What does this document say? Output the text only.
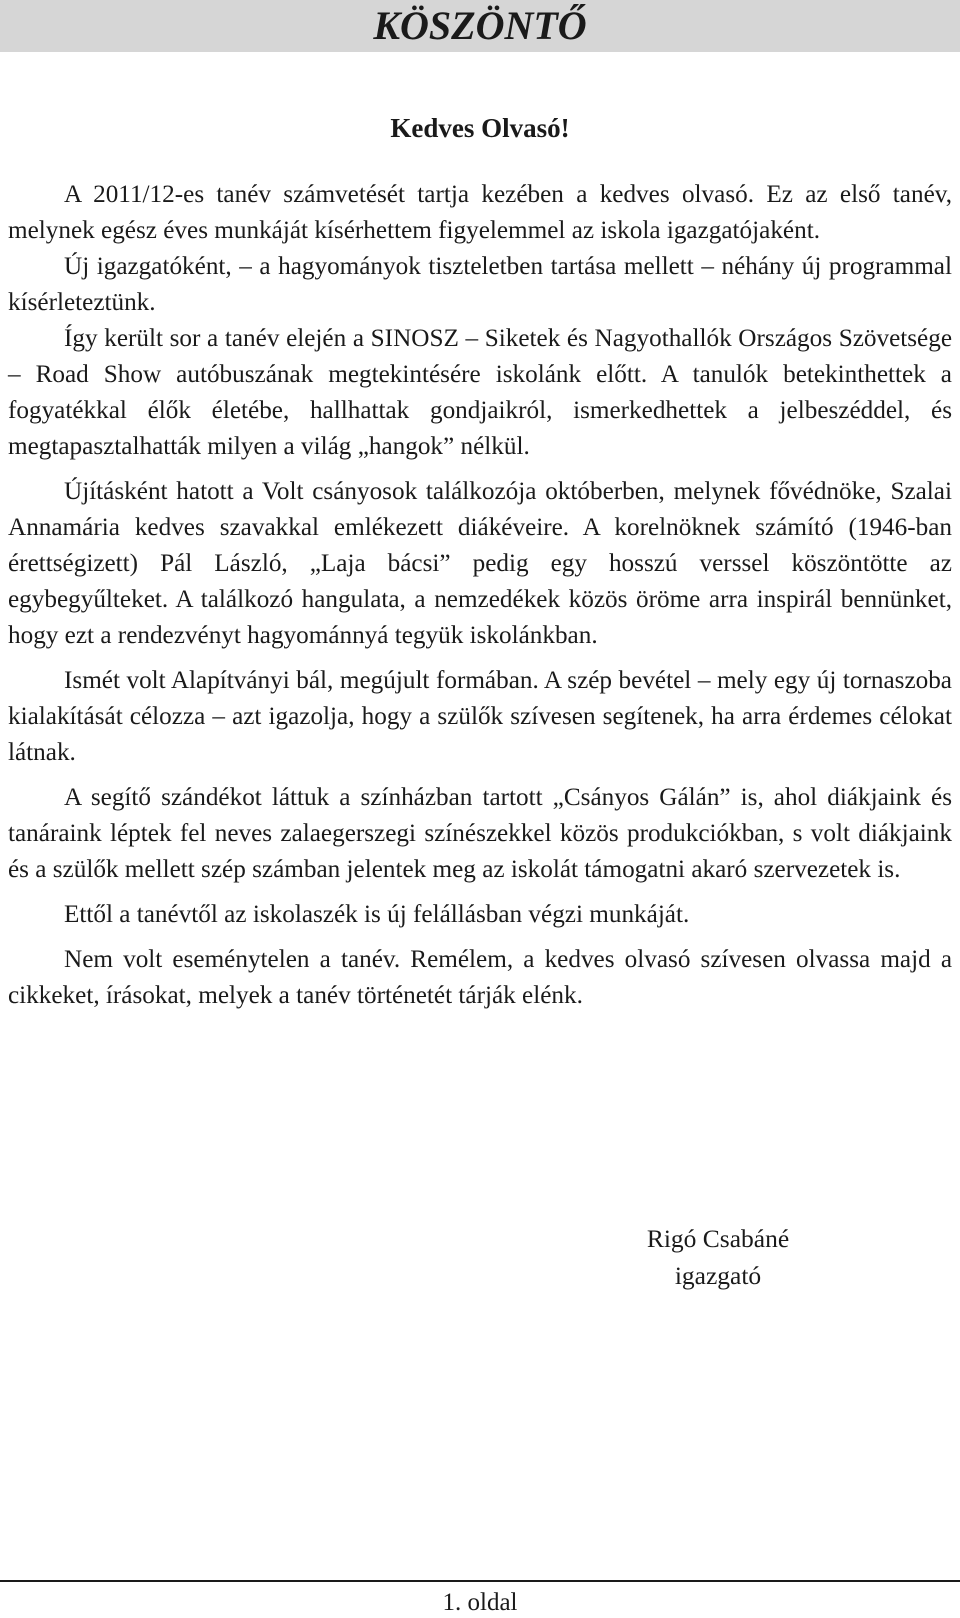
KÖSZÖNTŐ
Kedves Olvasó!

A 2011/12-es tanév számvetését tartja kezében a kedves olvasó. Ez az első tanév, melynek egész éves munkáját kísérhettem figyelemmel az iskola igazgatójaként.

Új igazgatóként, – a hagyományok tiszteletben tartása mellett – néhány új programmal kísérleteztünk.

Így került sor a tanév elején a SINOSZ – Siketek és Nagyothallók Országos Szövetsége – Road Show autóbuszának megtekintésére iskolánk előtt. A tanulók betekinthettek a fogyatékkal élők életébe, hallhattak gondjaikról, ismerkedhettek a jelbeszéddel, és megtapasztalhatták milyen a világ „hangok” nélkül.

Újításként hatott a Volt csányosok találkozója októberben, melynek fővédnöke, Szalai Annamária kedves szavakkal emlékezett diákéveire. A korelnöknek számító (1946-ban érettségizett) Pál László, „Laja bácsi” pedig egy hosszú verssel köszöntötte az egybegyűlteket. A találkozó hangulata, a nemzedékek közös öröme arra inspirál bennünket, hogy ezt a rendezvényt hagyománnyá tegyük iskolánkban.

Ismét volt Alapítványi bál, megújult formában. A szép bevétel – mely egy új tornaszoba kialakítását célozza – azt igazolja, hogy a szülők szívesen segítenek, ha arra érdemes célokat látnak.

A segítő szándékot láttuk a színházban tartott „Csányos Gálán” is, ahol diákjaink és tanáraink léptek fel neves zalaegerszegi színészekkel közös produkciókban, s volt diákjaink és a szülők mellett szép számban jelentek meg az iskolát támogatni akaró szervezetek is.

Ettől a tanévtől az iskolaszék is új felállásban végzi munkáját.

Nem volt eseménytelen a tanév. Remélem, a kedves olvasó szívesen olvassa majd a cikkeket, írásokat, melyek a tanév történetét tárják elénk.

Rigó Csabáné
igazgató
1. oldal
